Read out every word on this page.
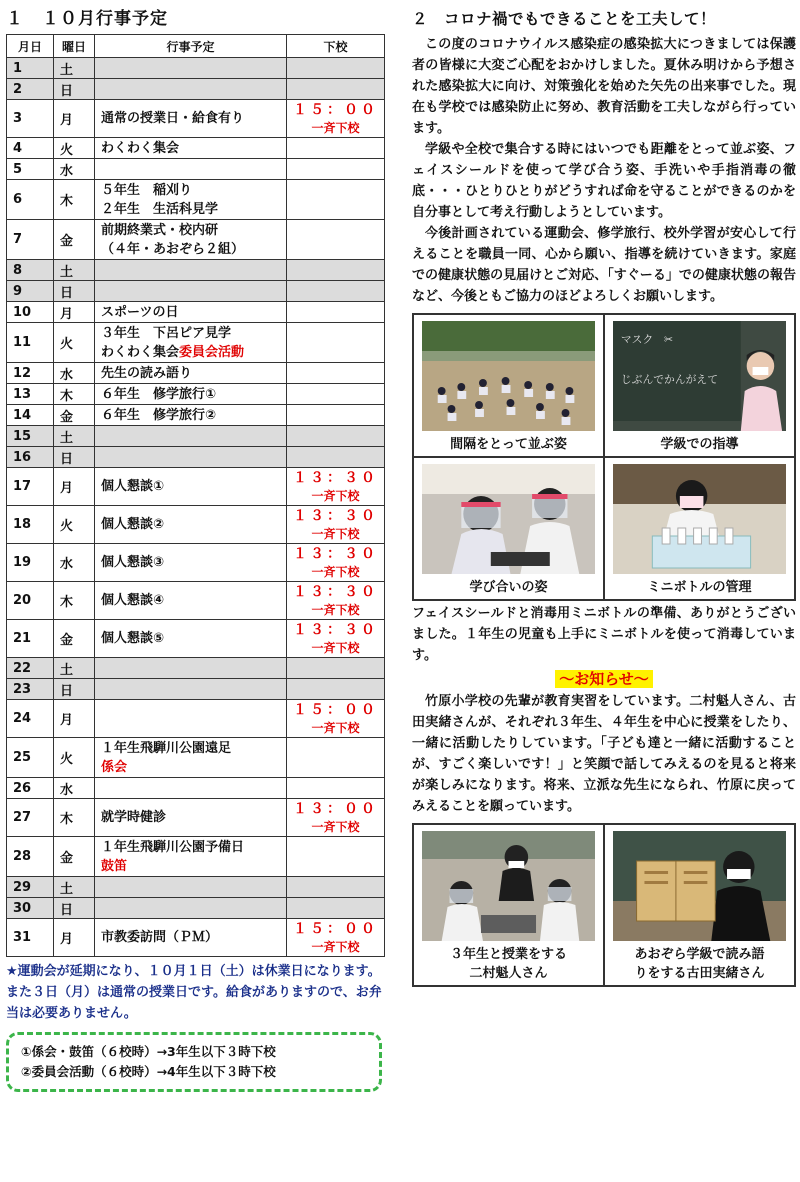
１　１０月行事予定
月日	曜日	行事予定	下校
1	土		
2	日		
3	月	通常の授業日・給食有り	１５：００
一斉下校

4	火	わくわく集会	
5	水		
6	木	５年生　稲刈り
２年生　生活科見学	
7	金	前期終業式・校内研
（４年・あおぞら２組）	
8	土		
9	日		
10	月	スポーツの日	
11	火	３年生　下呂ピア見学
わくわく集会委員会活動	
12	水	先生の読み語り	
13	木	６年生　修学旅行①	
14	金	６年生　修学旅行②	
15	土		
16	日		
17	月	個人懇談①	１３：３０
一斉下校

18	火	個人懇談②	１３：３０
一斉下校

19	水	個人懇談③	１３：３０
一斉下校

20	木	個人懇談④	１３：３０
一斉下校

21	金	個人懇談⑤	１３：３０
一斉下校

22	土		
23	日		
24	月		１５：００
一斉下校

25	火	１年生飛騨川公園遠足
係会	

26	水		
27	木	就学時健診	１３：００
一斉下校

28	金	１年生飛騨川公園予備日
鼓笛	

29	土		
30	日		
31	月	市教委訪問（ＰＭ）	１５：００
一斉下校
★運動会が延期になり、１０月１日（土）は休業日になります。また３日（月）は通常の授業日です。給食がありますので、お弁当は必要ありません。
①係会・鼓笛（６校時）→3年生以下３時下校
②委員会活動（６校時）→4年生以下３時下校
２　コロナ禍でもできることを工夫して！

この度のコロナウイルス感染症の感染拡大につきましては保護者の皆様に大変ご心配をおかけしました。夏休み明けから予想された感染拡大に向け、対策強化を始めた矢先の出来事でした。現在も学校では感染防止に努め、教育活動を工夫しながら行っています。

学級や全校で集合する時にはいつでも距離をとって並ぶ姿、フェイスシールドを使って学び合う姿、手洗いや手指消毒の徹底・・・ひとりひとりがどうすれば命を守ることができるのかを自分事として考え行動しようとしています。

今後計画されている運動会、修学旅行、校外学習が安心して行えることを職員一同、心から願い、指導を続けていきます。家庭での健康状態の見届けとご対応、「すぐーる」での健康状態の報告など、今後ともご協力のほどよろしくお願いします。

間隔をとって並ぶ姿
マスク　✂
じぶんでかんがえて
学級での指導
学び合いの姿	ミニボトルの管理

フェイスシールドと消毒用ミニボトルの準備、ありがとうございました。１年生の児童も上手にミニボトルを使って消毒しています。

～お知らせ～

竹原小学校の先輩が教育実習をしています。二村魁人さん、古田実緒さんが、それぞれ３年生、４年生を中心に授業をしたり、一緒に活動したりしています。「子ども達と一緒に活動することが、すごく楽しいです！」と笑顔で話してみえるのを見ると将来が楽しみになります。将来、立派な先生になられ、竹原に戻ってみえることを願っています。

３年生と授業をする
二村魁人さん
あおぞら学級で読み語
りをする古田実緒さん
